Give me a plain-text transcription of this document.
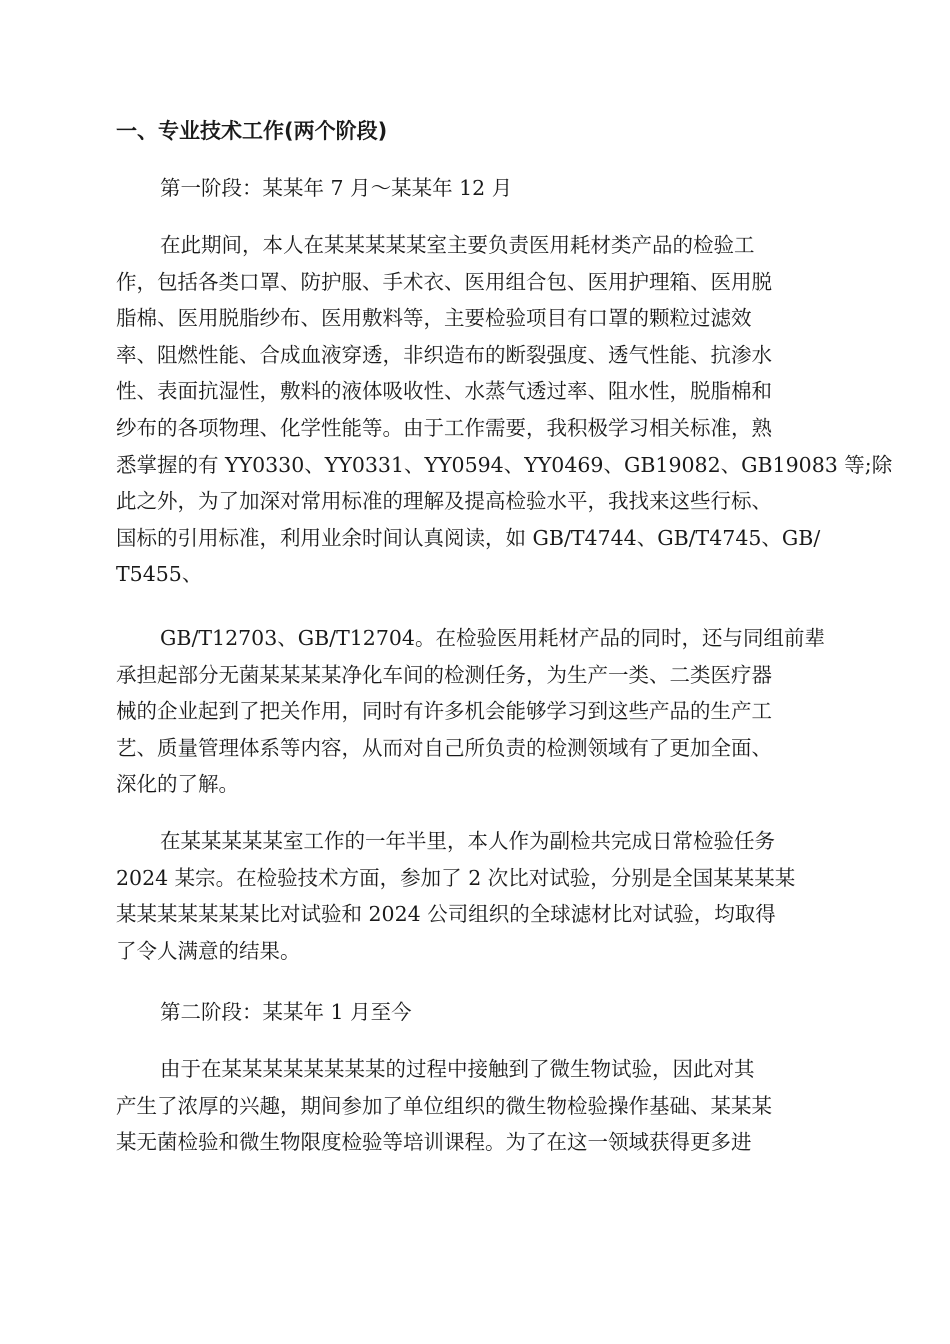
一、专业技术工作(两个阶段)
第一阶段：某某年 7 月～某某年 12 月
在此期间，本人在某某某某某室主要负责医用耗材类产品的检验工
作，包括各类口罩、防护服、手术衣、医用组合包、医用护理箱、医用脱
脂棉、医用脱脂纱布、医用敷料等，主要检验项目有口罩的颗粒过滤效
率、阻燃性能、合成血液穿透，非织造布的断裂强度、透气性能、抗渗水
性、表面抗湿性，敷料的液体吸收性、水蒸气透过率、阻水性，脱脂棉和
纱布的各项物理、化学性能等。由于工作需要，我积极学习相关标准，熟
悉掌握的有 YY0330、YY0331、YY0594、YY0469、GB19082、GB19083 等;除
此之外，为了加深对常用标准的理解及提高检验水平，我找来这些行标、
国标的引用标准，利用业余时间认真阅读，如 GB/T4744、GB/T4745、GB/
T5455、
GB/T12703、GB/T12704。在检验医用耗材产品的同时，还与同组前辈
承担起部分无菌某某某某净化车间的检测任务，为生产一类、二类医疗器
械的企业起到了把关作用，同时有许多机会能够学习到这些产品的生产工
艺、质量管理体系等内容，从而对自己所负责的检测领域有了更加全面、
深化的了解。
在某某某某某室工作的一年半里，本人作为副检共完成日常检验任务
2024 某宗。在检验技术方面，参加了 2 次比对试验，分别是全国某某某某
某某某某某某某比对试验和 2024 公司组织的全球滤材比对试验，均取得
了令人满意的结果。
第二阶段：某某年 1 月至今
由于在某某某某某某某某的过程中接触到了微生物试验，因此对其
产生了浓厚的兴趣，期间参加了单位组织的微生物检验操作基础、某某某
某无菌检验和微生物限度检验等培训课程。为了在这一领域获得更多进
